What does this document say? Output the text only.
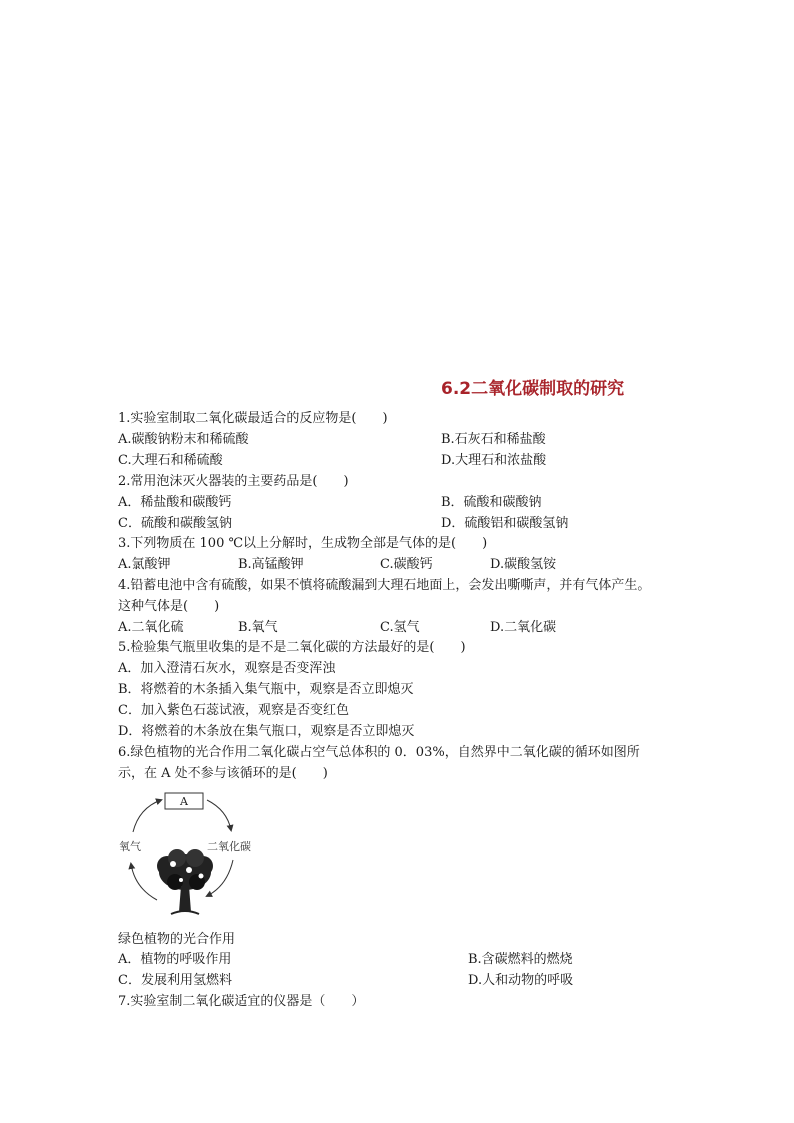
6.2二氧化碳制取的研究
1.实验室制取二氧化碳最适合的反应物是(　　)
A.碳酸钠粉末和稀硫酸	B.石灰石和稀盐酸
C.大理石和稀硫酸	D.大理石和浓盐酸
2.常用泡沫灭火器装的主要药品是(　　)
A．稀盐酸和碳酸钙	B．硫酸和碳酸钠
C．硫酸和碳酸氢钠	D．硫酸铝和碳酸氢钠
3.下列物质在 100 ℃以上分解时，生成物全部是气体的是(　　)
A.氯酸钾	B.高锰酸钾	C.碳酸钙	D.碳酸氢铵
4.铅蓄电池中含有硫酸，如果不慎将硫酸漏到大理石地面上，会发出嘶嘶声，并有气体产生。
这种气体是(　　)
A.二氧化硫	B.氧气	C.氢气	D.二氧化碳
5.检验集气瓶里收集的是不是二氧化碳的方法最好的是(　　)
A．加入澄清石灰水，观察是否变浑浊
B．将燃着的木条插入集气瓶中，观察是否立即熄灭
C．加入紫色石蕊试液，观察是否变红色
D．将燃着的木条放在集气瓶口，观察是否立即熄灭
6.绿色植物的光合作用二氧化碳占空气总体积的 0．03%，自然界中二氧化碳的循环如图所
示，在 A 处不参与该循环的是(　　)
A
氧气	二氧化碳
绿色植物的光合作用
A．植物的呼吸作用	B.含碳燃料的燃烧
C．发展利用氢燃料	D.人和动物的呼吸
7.实验室制二氧化碳适宜的仪器是（　　）
